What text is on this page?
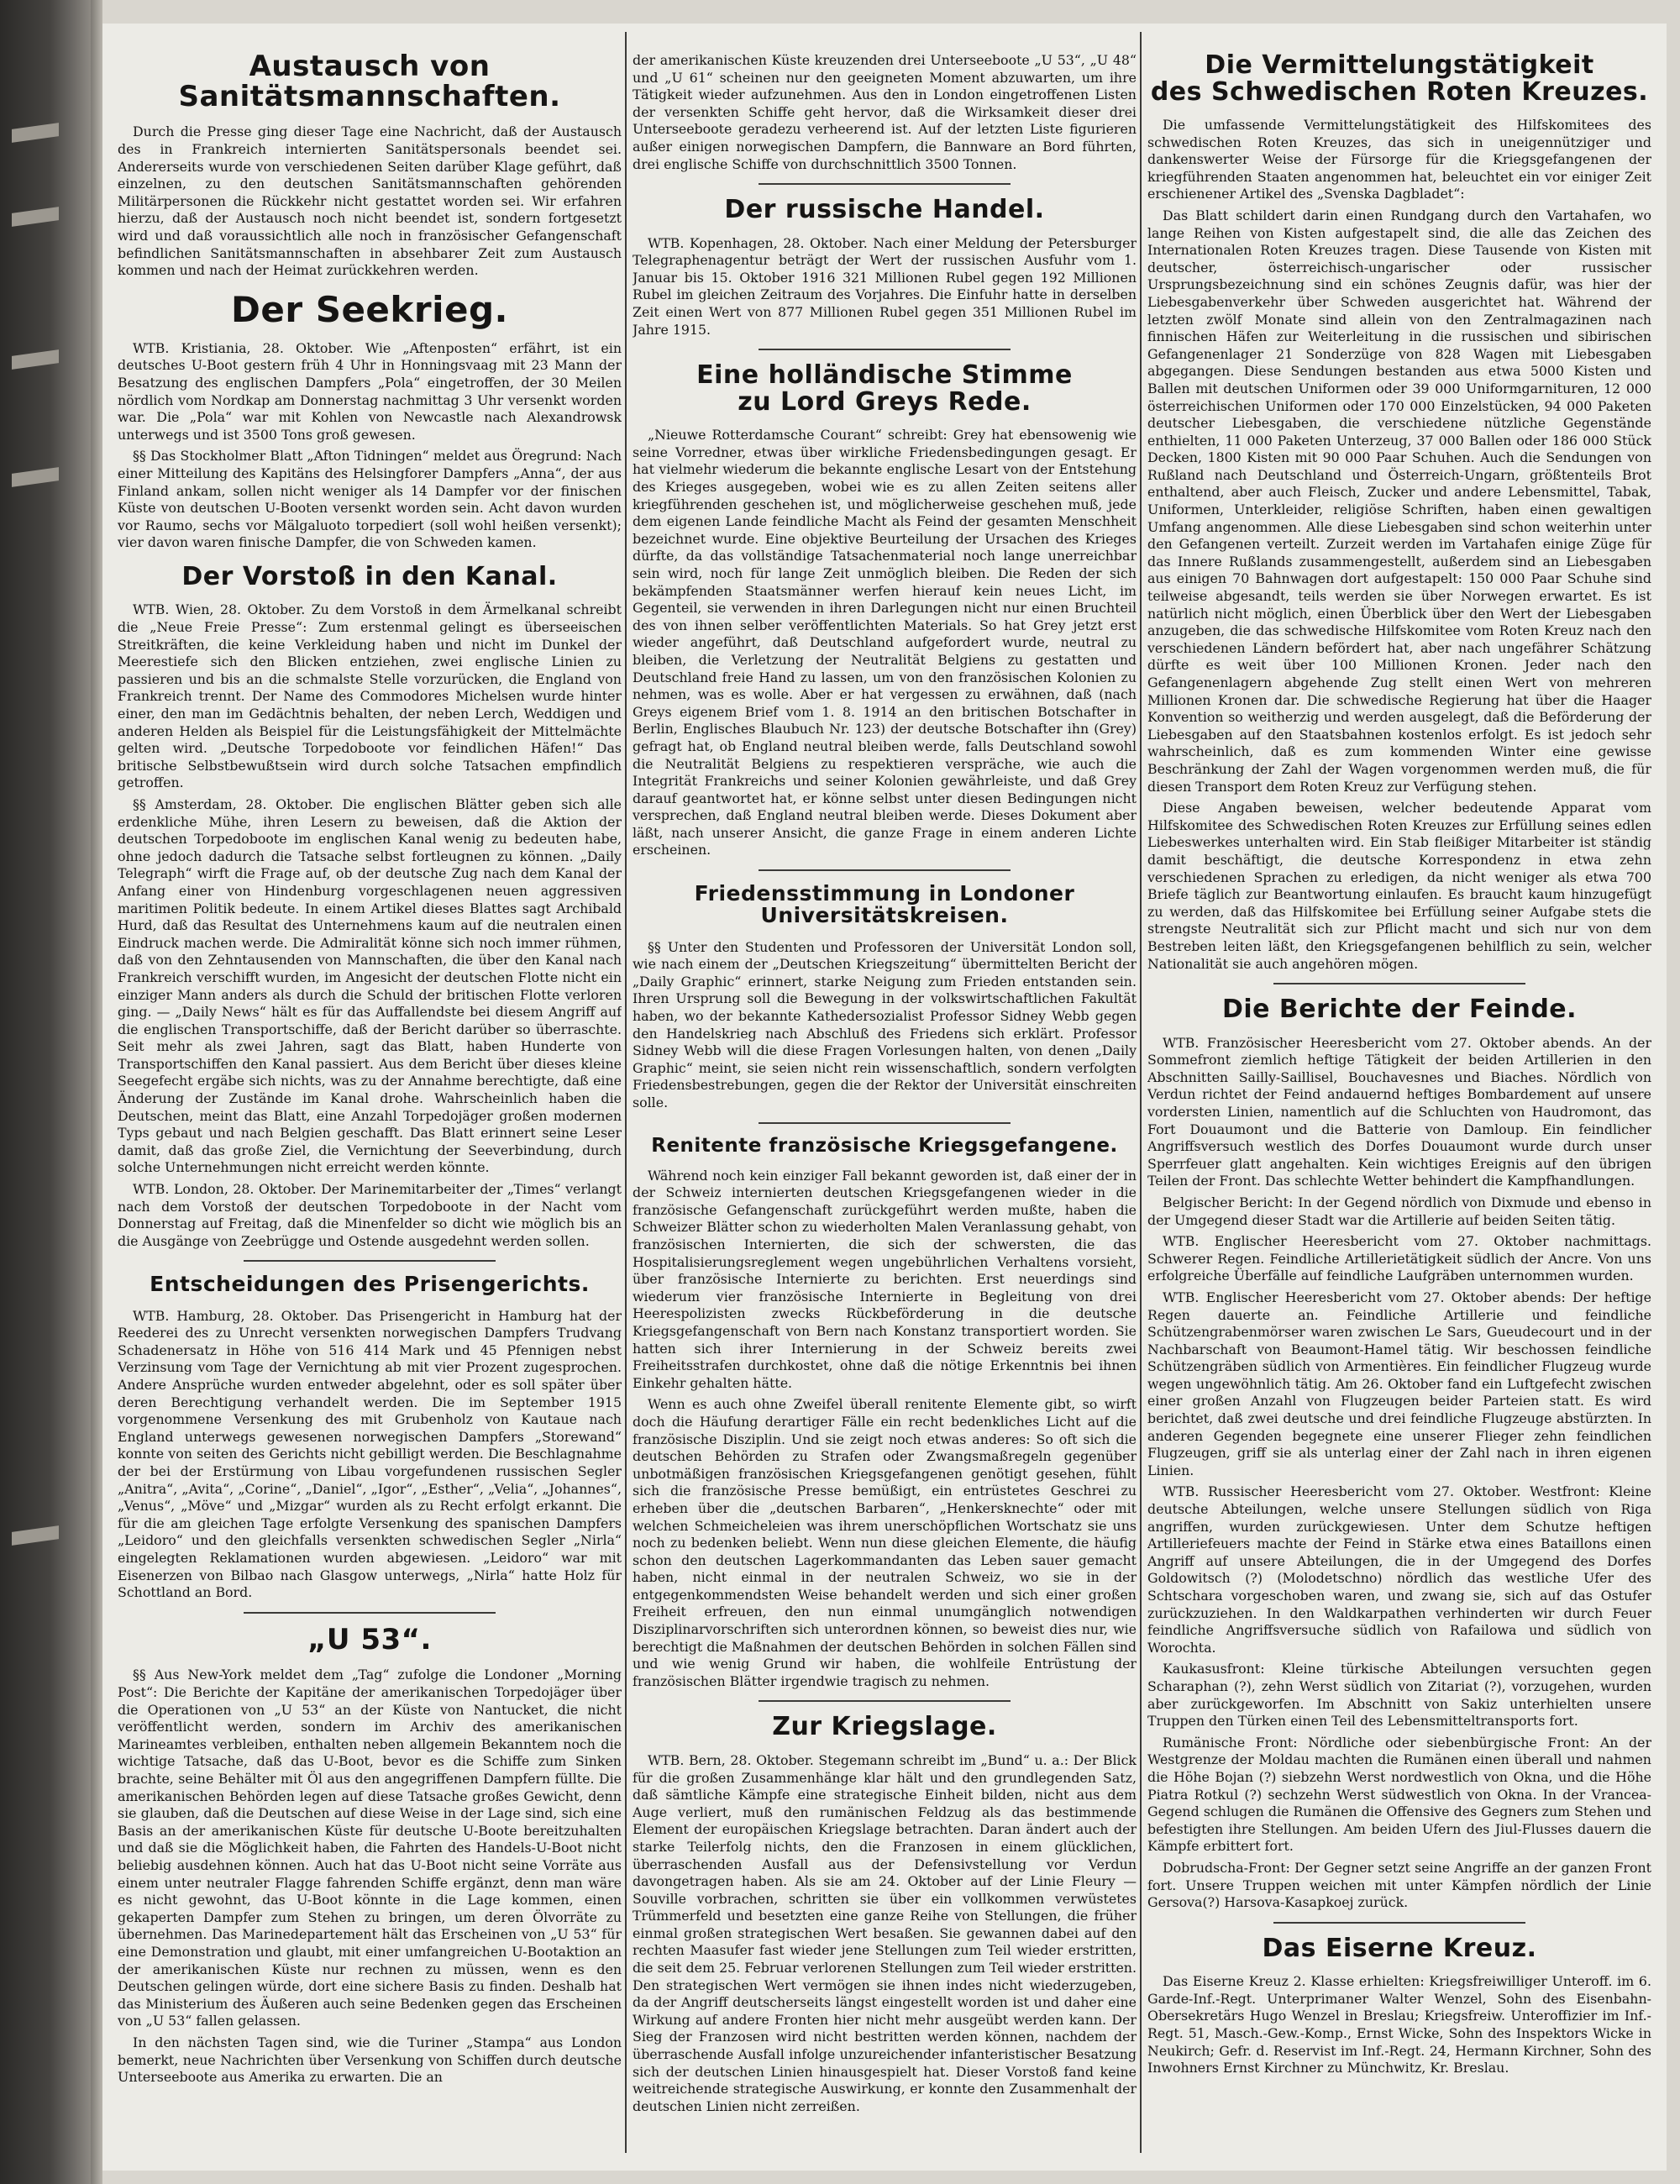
Austausch von Sanitätsmannschaften.

Durch die Presse ging dieser Tage eine Nachricht, daß der Austausch des in Frankreich internierten Sanitätspersonals beendet sei. Andererseits wurde von verschiedenen Seiten darüber Klage geführt, daß einzelnen, zu den deutschen Sanitätsmannschaften gehörenden Militärpersonen die Rückkehr nicht gestattet worden sei. Wir erfahren hierzu, daß der Austausch noch nicht beendet ist, sondern fortgesetzt wird und daß voraussichtlich alle noch in französischer Gefangenschaft befindlichen Sanitätsmannschaften in absehbarer Zeit zum Austausch kommen und nach der Heimat zurückkehren werden.

Der Seekrieg.

WTB. Kristiania, 28. Oktober. Wie „Aftenposten“ erfährt, ist ein deutsches U-Boot gestern früh 4 Uhr in Honningsvaag mit 23 Mann der Besatzung des englischen Dampfers „Pola“ eingetroffen, der 30 Meilen nördlich vom Nordkap am Donnerstag nachmittag 3 Uhr versenkt worden war. Die „Pola“ war mit Kohlen von Newcastle nach Alexandrowsk unterwegs und ist 3500 Tons groß gewesen.

§§ Das Stockholmer Blatt „Afton Tidningen“ meldet aus Öregrund: Nach einer Mitteilung des Kapitäns des Helsingforer Dampfers „Anna“, der aus Finland ankam, sollen nicht weniger als 14 Dampfer vor der finischen Küste von deutschen U-Booten versenkt worden sein. Acht davon wurden vor Raumo, sechs vor Mälgaluoto torpediert (soll wohl heißen versenkt); vier davon waren finische Dampfer, die von Schweden kamen.

Der Vorstoß in den Kanal.

WTB. Wien, 28. Oktober. Zu dem Vorstoß in dem Ärmelkanal schreibt die „Neue Freie Presse“: Zum erstenmal gelingt es überseeischen Streitkräften, die keine Verkleidung haben und nicht im Dunkel der Meerestiefe sich den Blicken entziehen, zwei englische Linien zu passieren und bis an die schmalste Stelle vorzurücken, die England von Frankreich trennt. Der Name des Commodores Michelsen wurde hinter einer, den man im Gedächtnis behalten, der neben Lerch, Weddigen und anderen Helden als Beispiel für die Leistungsfähigkeit der Mittelmächte gelten wird. „Deutsche Torpedoboote vor feindlichen Häfen!“ Das britische Selbstbewußtsein wird durch solche Tatsachen empfindlich getroffen.

§§ Amsterdam, 28. Oktober. Die englischen Blätter geben sich alle erdenkliche Mühe, ihren Lesern zu beweisen, daß die Aktion der deutschen Torpedoboote im englischen Kanal wenig zu bedeuten habe, ohne jedoch dadurch die Tatsache selbst fortleugnen zu können. „Daily Telegraph“ wirft die Frage auf, ob der deutsche Zug nach dem Kanal der Anfang einer von Hindenburg vorgeschlagenen neuen aggressiven maritimen Politik bedeute. In einem Artikel dieses Blattes sagt Archibald Hurd, daß das Resultat des Unternehmens kaum auf die neutralen einen Eindruck machen werde. Die Admiralität könne sich noch immer rühmen, daß von den Zehntausenden von Mannschaften, die über den Kanal nach Frankreich verschifft wurden, im Angesicht der deutschen Flotte nicht ein einziger Mann anders als durch die Schuld der britischen Flotte verloren ging. — „Daily News“ hält es für das Auffallendste bei diesem Angriff auf die englischen Transportschiffe, daß der Bericht darüber so überraschte. Seit mehr als zwei Jahren, sagt das Blatt, haben Hunderte von Transportschiffen den Kanal passiert. Aus dem Bericht über dieses kleine Seegefecht ergäbe sich nichts, was zu der Annahme berechtigte, daß eine Änderung der Zustände im Kanal drohe. Wahrscheinlich haben die Deutschen, meint das Blatt, eine Anzahl Torpedojäger großen modernen Typs gebaut und nach Belgien geschafft. Das Blatt erinnert seine Leser damit, daß das große Ziel, die Vernichtung der Seeverbindung, durch solche Unternehmungen nicht erreicht werden könnte.

WTB. London, 28. Oktober. Der Marinemitarbeiter der „Times“ verlangt nach dem Vorstoß der deutschen Torpedoboote in der Nacht vom Donnerstag auf Freitag, daß die Minenfelder so dicht wie möglich bis an die Ausgänge von Zeebrügge und Ostende ausgedehnt werden sollen.

Entscheidungen des Prisengerichts.

WTB. Hamburg, 28. Oktober. Das Prisengericht in Hamburg hat der Reederei des zu Unrecht versenkten norwegischen Dampfers Trudvang Schadenersatz in Höhe von 516 414 Mark und 45 Pfennigen nebst Verzinsung vom Tage der Vernichtung ab mit vier Prozent zugesprochen. Andere Ansprüche wurden entweder abgelehnt, oder es soll später über deren Berechtigung verhandelt werden. Die im September 1915 vorgenommene Versenkung des mit Grubenholz von Kautaue nach England unterwegs gewesenen norwegischen Dampfers „Storewand“ konnte von seiten des Gerichts nicht gebilligt werden. Die Beschlagnahme der bei der Erstürmung von Libau vorgefundenen russischen Segler „Anitra“, „Avita“, „Corine“, „Daniel“, „Igor“, „Esther“, „Velia“, „Johannes“, „Venus“, „Möve“ und „Mizgar“ wurden als zu Recht erfolgt erkannt. Die für die am gleichen Tage erfolgte Versenkung des spanischen Dampfers „Leidoro“ und den gleichfalls versenkten schwedischen Segler „Nirla“ eingelegten Reklamationen wurden abgewiesen. „Leidoro“ war mit Eisenerzen von Bilbao nach Glasgow unterwegs, „Nirla“ hatte Holz für Schottland an Bord.

„U 53“.

§§ Aus New-York meldet dem „Tag“ zufolge die Londoner „Morning Post“: Die Berichte der Kapitäne der amerikanischen Torpedojäger über die Operationen von „U 53“ an der Küste von Nantucket, die nicht veröffentlicht werden, sondern im Archiv des amerikanischen Marineamtes verbleiben, enthalten neben allgemein Bekanntem noch die wichtige Tatsache, daß das U-Boot, bevor es die Schiffe zum Sinken brachte, seine Behälter mit Öl aus den angegriffenen Dampfern füllte. Die amerikanischen Behörden legen auf diese Tatsache großes Gewicht, denn sie glauben, daß die Deutschen auf diese Weise in der Lage sind, sich eine Basis an der amerikanischen Küste für deutsche U-Boote bereitzuhalten und daß sie die Möglichkeit haben, die Fahrten des Handels-U-Boot nicht beliebig ausdehnen können. Auch hat das U-Boot nicht seine Vorräte aus einem unter neutraler Flagge fahrenden Schiffe ergänzt, denn man wäre es nicht gewohnt, das U-Boot könnte in die Lage kommen, einen gekaperten Dampfer zum Stehen zu bringen, um deren Ölvorräte zu übernehmen. Das Marinedepartement hält das Erscheinen von „U 53“ für eine Demonstration und glaubt, mit einer umfangreichen U-Bootaktion an der amerikanischen Küste nur rechnen zu müssen, wenn es den Deutschen gelingen würde, dort eine sichere Basis zu finden. Deshalb hat das Ministerium des Äußeren auch seine Bedenken gegen das Erscheinen von „U 53“ fallen gelassen.

In den nächsten Tagen sind, wie die Turiner „Stampa“ aus London bemerkt, neue Nachrichten über Versenkung von Schiffen durch deutsche Unterseeboote aus Amerika zu erwarten. Die an

der amerikanischen Küste kreuzenden drei Unterseeboote „U 53“, „U 48“ und „U 61“ scheinen nur den geeigneten Moment abzuwarten, um ihre Tätigkeit wieder aufzunehmen. Aus den in London eingetroffenen Listen der versenkten Schiffe geht hervor, daß die Wirksamkeit dieser drei Unterseeboote geradezu verheerend ist. Auf der letzten Liste figurieren außer einigen norwegischen Dampfern, die Bannware an Bord führten, drei englische Schiffe von durchschnittlich 3500 Tonnen.

Der russische Handel.

WTB. Kopenhagen, 28. Oktober. Nach einer Meldung der Petersburger Telegraphenagentur beträgt der Wert der russischen Ausfuhr vom 1. Januar bis 15. Oktober 1916 321 Millionen Rubel gegen 192 Millionen Rubel im gleichen Zeitraum des Vorjahres. Die Einfuhr hatte in derselben Zeit einen Wert von 877 Millionen Rubel gegen 351 Millionen Rubel im Jahre 1915.

Eine holländische Stimme
zu Lord Greys Rede.

„Nieuwe Rotterdamsche Courant“ schreibt: Grey hat ebensowenig wie seine Vorredner, etwas über wirkliche Friedensbedingungen gesagt. Er hat vielmehr wiederum die bekannte englische Lesart von der Entstehung des Krieges ausgegeben, wobei wie es zu allen Zeiten seitens aller kriegführenden geschehen ist, und möglicherweise geschehen muß, jede dem eigenen Lande feindliche Macht als Feind der gesamten Menschheit bezeichnet wurde. Eine objektive Beurteilung der Ursachen des Krieges dürfte, da das vollständige Tatsachenmaterial noch lange unerreichbar sein wird, noch für lange Zeit unmöglich bleiben. Die Reden der sich bekämpfenden Staatsmänner werfen hierauf kein neues Licht, im Gegenteil, sie verwenden in ihren Darlegungen nicht nur einen Bruchteil des von ihnen selber veröffentlichten Materials. So hat Grey jetzt erst wieder angeführt, daß Deutschland aufgefordert wurde, neutral zu bleiben, die Verletzung der Neutralität Belgiens zu gestatten und Deutschland freie Hand zu lassen, um von den französischen Kolonien zu nehmen, was es wolle. Aber er hat vergessen zu erwähnen, daß (nach Greys eigenem Brief vom 1. 8. 1914 an den britischen Botschafter in Berlin, Englisches Blaubuch Nr. 123) der deutsche Botschafter ihn (Grey) gefragt hat, ob England neutral bleiben werde, falls Deutschland sowohl die Neutralität Belgiens zu respektieren verspräche, wie auch die Integrität Frankreichs und seiner Kolonien gewährleiste, und daß Grey darauf geantwortet hat, er könne selbst unter diesen Bedingungen nicht versprechen, daß England neutral bleiben werde. Dieses Dokument aber läßt, nach unserer Ansicht, die ganze Frage in einem anderen Lichte erscheinen.

Friedensstimmung in Londoner
Universitätskreisen.

§§ Unter den Studenten und Professoren der Universität London soll, wie nach einem der „Deutschen Kriegszeitung“ übermittelten Bericht der „Daily Graphic“ erinnert, starke Neigung zum Frieden entstanden sein. Ihren Ursprung soll die Bewegung in der volkswirtschaftlichen Fakultät haben, wo der bekannte Kathedersozialist Professor Sidney Webb gegen den Handelskrieg nach Abschluß des Friedens sich erklärt. Professor Sidney Webb will die diese Fragen Vorlesungen halten, von denen „Daily Graphic“ meint, sie seien nicht rein wissenschaftlich, sondern verfolgten Friedensbestrebungen, gegen die der Rektor der Universität einschreiten solle.

Renitente französische Kriegsgefangene.

Während noch kein einziger Fall bekannt geworden ist, daß einer der in der Schweiz internierten deutschen Kriegsgefangenen wieder in die französische Gefangenschaft zurückgeführt werden mußte, haben die Schweizer Blätter schon zu wiederholten Malen Veranlassung gehabt, von französischen Internierten, die sich der schwersten, die das Hospitalisierungsreglement wegen ungebührlichen Verhaltens vorsieht, über französische Internierte zu berichten. Erst neuerdings sind wiederum vier französische Internierte in Begleitung von drei Heerespolizisten zwecks Rückbeförderung in die deutsche Kriegsgefangenschaft von Bern nach Konstanz transportiert worden. Sie hatten sich ihrer Internierung in der Schweiz bereits zwei Freiheitsstrafen durchkostet, ohne daß die nötige Erkenntnis bei ihnen Einkehr gehalten hätte.

Wenn es auch ohne Zweifel überall renitente Elemente gibt, so wirft doch die Häufung derartiger Fälle ein recht bedenkliches Licht auf die französische Disziplin. Und sie zeigt noch etwas anderes: So oft sich die deutschen Behörden zu Strafen oder Zwangsmaßregeln gegenüber unbotmäßigen französischen Kriegsgefangenen genötigt gesehen, fühlt sich die französische Presse bemüßigt, ein entrüstetes Geschrei zu erheben über die „deutschen Barbaren“, „Henkersknechte“ oder mit welchen Schmeicheleien was ihrem unerschöpflichen Wortschatz sie uns noch zu bedenken beliebt. Wenn nun diese gleichen Elemente, die häufig schon den deutschen Lagerkommandanten das Leben sauer gemacht haben, nicht einmal in der neutralen Schweiz, wo sie in der entgegenkommendsten Weise behandelt werden und sich einer großen Freiheit erfreuen, den nun einmal unumgänglich notwendigen Disziplinarvorschriften sich unterordnen können, so beweist dies nur, wie berechtigt die Maßnahmen der deutschen Behörden in solchen Fällen sind und wie wenig Grund wir haben, die wohlfeile Entrüstung der französischen Blätter irgendwie tragisch zu nehmen.

Zur Kriegslage.

WTB. Bern, 28. Oktober. Stegemann schreibt im „Bund“ u. a.: Der Blick für die großen Zusammenhänge klar hält und den grundlegenden Satz, daß sämtliche Kämpfe eine strategische Einheit bilden, nicht aus dem Auge verliert, muß den rumänischen Feldzug als das bestimmende Element der europäischen Kriegslage betrachten. Daran ändert auch der starke Teilerfolg nichts, den die Franzosen in einem glücklichen, überraschenden Ausfall aus der Defensivstellung vor Verdun davongetragen haben. Als sie am 24. Oktober auf der Linie Fleury — Souville vorbrachen, schritten sie über ein vollkommen verwüstetes Trümmerfeld und besetzten eine ganze Reihe von Stellungen, die früher einmal großen strategischen Wert besaßen. Sie gewannen dabei auf den rechten Maasufer fast wieder jene Stellungen zum Teil wieder erstritten, die seit dem 25. Februar verlorenen Stellungen zum Teil wieder erstritten. Den strategischen Wert vermögen sie ihnen indes nicht wiederzugeben, da der Angriff deutscherseits längst eingestellt worden ist und daher eine Wirkung auf andere Fronten hier nicht mehr ausgeübt werden kann. Der Sieg der Franzosen wird nicht bestritten werden können, nachdem der überraschende Ausfall infolge unzureichender infanteristischer Besatzung sich der deutschen Linien hinausgespielt hat. Dieser Vorstoß fand keine weitreichende strategische Auswirkung, er konnte den Zusammenhalt der deutschen Linien nicht zerreißen.

Die Vermittelungstätigkeit
des Schwedischen Roten Kreuzes.

Die umfassende Vermittelungstätigkeit des Hilfskomitees des schwedischen Roten Kreuzes, das sich in uneigennütziger und dankenswerter Weise der Fürsorge für die Kriegsgefangenen der kriegführenden Staaten angenommen hat, beleuchtet ein vor einiger Zeit erschienener Artikel des „Svenska Dagbladet“:

Das Blatt schildert darin einen Rundgang durch den Vartahafen, wo lange Reihen von Kisten aufgestapelt sind, die alle das Zeichen des Internationalen Roten Kreuzes tragen. Diese Tausende von Kisten mit deutscher, österreichisch-ungarischer oder russischer Ursprungsbezeichnung sind ein schönes Zeugnis dafür, was hier der Liebesgabenverkehr über Schweden ausgerichtet hat. Während der letzten zwölf Monate sind allein von den Zentralmagazinen nach finnischen Häfen zur Weiterleitung in die russischen und sibirischen Gefangenenlager 21 Sonderzüge von 828 Wagen mit Liebesgaben abgegangen. Diese Sendungen bestanden aus etwa 5000 Kisten und Ballen mit deutschen Uniformen oder 39 000 Uniformgarnituren, 12 000 österreichischen Uniformen oder 170 000 Einzelstücken, 94 000 Paketen deutscher Liebesgaben, die verschiedene nützliche Gegenstände enthielten, 11 000 Paketen Unterzeug, 37 000 Ballen oder 186 000 Stück Decken, 1800 Kisten mit 90 000 Paar Schuhen. Auch die Sendungen von Rußland nach Deutschland und Österreich-Ungarn, größtenteils Brot enthaltend, aber auch Fleisch, Zucker und andere Lebensmittel, Tabak, Uniformen, Unterkleider, religiöse Schriften, haben einen gewaltigen Umfang angenommen. Alle diese Liebesgaben sind schon weiterhin unter den Gefangenen verteilt. Zurzeit werden im Vartahafen einige Züge für das Innere Rußlands zusammengestellt, außerdem sind an Liebesgaben aus einigen 70 Bahnwagen dort aufgestapelt: 150 000 Paar Schuhe sind teilweise abgesandt, teils werden sie über Norwegen erwartet. Es ist natürlich nicht möglich, einen Überblick über den Wert der Liebesgaben anzugeben, die das schwedische Hilfskomitee vom Roten Kreuz nach den verschiedenen Ländern befördert hat, aber nach ungefährer Schätzung dürfte es weit über 100 Millionen Kronen. Jeder nach den Gefangenenlagern abgehende Zug stellt einen Wert von mehreren Millionen Kronen dar. Die schwedische Regierung hat über die Haager Konvention so weitherzig und werden ausgelegt, daß die Beförderung der Liebesgaben auf den Staatsbahnen kostenlos erfolgt. Es ist jedoch sehr wahrscheinlich, daß es zum kommenden Winter eine gewisse Beschränkung der Zahl der Wagen vorgenommen werden muß, die für diesen Transport dem Roten Kreuz zur Verfügung stehen.

Diese Angaben beweisen, welcher bedeutende Apparat vom Hilfskomitee des Schwedischen Roten Kreuzes zur Erfüllung seines edlen Liebeswerkes unterhalten wird. Ein Stab fleißiger Mitarbeiter ist ständig damit beschäftigt, die deutsche Korrespondenz in etwa zehn verschiedenen Sprachen zu erledigen, da nicht weniger als etwa 700 Briefe täglich zur Beantwortung einlaufen. Es braucht kaum hinzugefügt zu werden, daß das Hilfskomitee bei Erfüllung seiner Aufgabe stets die strengste Neutralität sich zur Pflicht macht und sich nur von dem Bestreben leiten läßt, den Kriegsgefangenen behilflich zu sein, welcher Nationalität sie auch angehören mögen.

Die Berichte der Feinde.

WTB. Französischer Heeresbericht vom 27. Oktober abends. An der Sommefront ziemlich heftige Tätigkeit der beiden Artillerien in den Abschnitten Sailly-Saillisel, Bouchavesnes und Biaches. Nördlich von Verdun richtet der Feind andauernd heftiges Bombardement auf unsere vordersten Linien, namentlich auf die Schluchten von Haudromont, das Fort Douaumont und die Batterie von Damloup. Ein feindlicher Angriffsversuch westlich des Dorfes Douaumont wurde durch unser Sperrfeuer glatt angehalten. Kein wichtiges Ereignis auf den übrigen Teilen der Front. Das schlechte Wetter behindert die Kampfhandlungen.

Belgischer Bericht: In der Gegend nördlich von Dixmude und ebenso in der Umgegend dieser Stadt war die Artillerie auf beiden Seiten tätig.

WTB. Englischer Heeresbericht vom 27. Oktober nachmittags. Schwerer Regen. Feindliche Artillerietätigkeit südlich der Ancre. Von uns erfolgreiche Überfälle auf feindliche Laufgräben unternommen wurden.

WTB. Englischer Heeresbericht vom 27. Oktober abends: Der heftige Regen dauerte an. Feindliche Artillerie und feindliche Schützengrabenmörser waren zwischen Le Sars, Gueudecourt und in der Nachbarschaft von Beaumont-Hamel tätig. Wir beschossen feindliche Schützengräben südlich von Armentières. Ein feindlicher Flugzeug wurde wegen ungewöhnlich tätig. Am 26. Oktober fand ein Luftgefecht zwischen einer großen Anzahl von Flugzeugen beider Parteien statt. Es wird berichtet, daß zwei deutsche und drei feindliche Flugzeuge abstürzten. In anderen Gegenden begegnete eine unserer Flieger zehn feindlichen Flugzeugen, griff sie als unterlag einer der Zahl nach in ihren eigenen Linien.

WTB. Russischer Heeresbericht vom 27. Oktober. Westfront: Kleine deutsche Abteilungen, welche unsere Stellungen südlich von Riga angriffen, wurden zurückgewiesen. Unter dem Schutze heftigen Artilleriefeuers machte der Feind in Stärke etwa eines Bataillons einen Angriff auf unsere Abteilungen, die in der Umgegend des Dorfes Goldowitsch (?) (Molodetschno) nördlich das westliche Ufer des Schtschara vorgeschoben waren, und zwang sie, sich auf das Ostufer zurückzuziehen. In den Waldkarpathen verhinderten wir durch Feuer feindliche Angriffsversuche südlich von Rafailowa und südlich von Worochta.

Kaukasusfront: Kleine türkische Abteilungen versuchten gegen Scharaphan (?), zehn Werst südlich von Zitariat (?), vorzugehen, wurden aber zurückgeworfen. Im Abschnitt von Sakiz unterhielten unsere Truppen den Türken einen Teil des Lebensmitteltransports fort.

Rumänische Front: Nördliche oder siebenbürgische Front: An der Westgrenze der Moldau machten die Rumänen einen überall und nahmen die Höhe Bojan (?) siebzehn Werst nordwestlich von Okna, und die Höhe Piatra Rotkul (?) sechzehn Werst südwestlich von Okna. In der Vrancea-Gegend schlugen die Rumänen die Offensive des Gegners zum Stehen und befestigten ihre Stellungen. Am beiden Ufern des Jiul-Flusses dauern die Kämpfe erbittert fort.

Dobrudscha-Front: Der Gegner setzt seine Angriffe an der ganzen Front fort. Unsere Truppen weichen mit unter Kämpfen nördlich der Linie Gersova(?) Harsova-Kasapkoej zurück.

Das Eiserne Kreuz.

Das Eiserne Kreuz 2. Klasse erhielten: Kriegsfreiwilliger Unteroff. im 6. Garde-Inf.-Regt. Unterprimaner Walter Wenzel, Sohn des Eisenbahn-Obersekretärs Hugo Wenzel in Breslau; Kriegsfreiw. Unteroffizier im Inf.-Regt. 51, Masch.-Gew.-Komp., Ernst Wicke, Sohn des Inspektors Wicke in Neukirch; Gefr. d. Reservist im Inf.-Regt. 24, Hermann Kirchner, Sohn des Inwohners Ernst Kirchner zu Münchwitz, Kr. Breslau.
